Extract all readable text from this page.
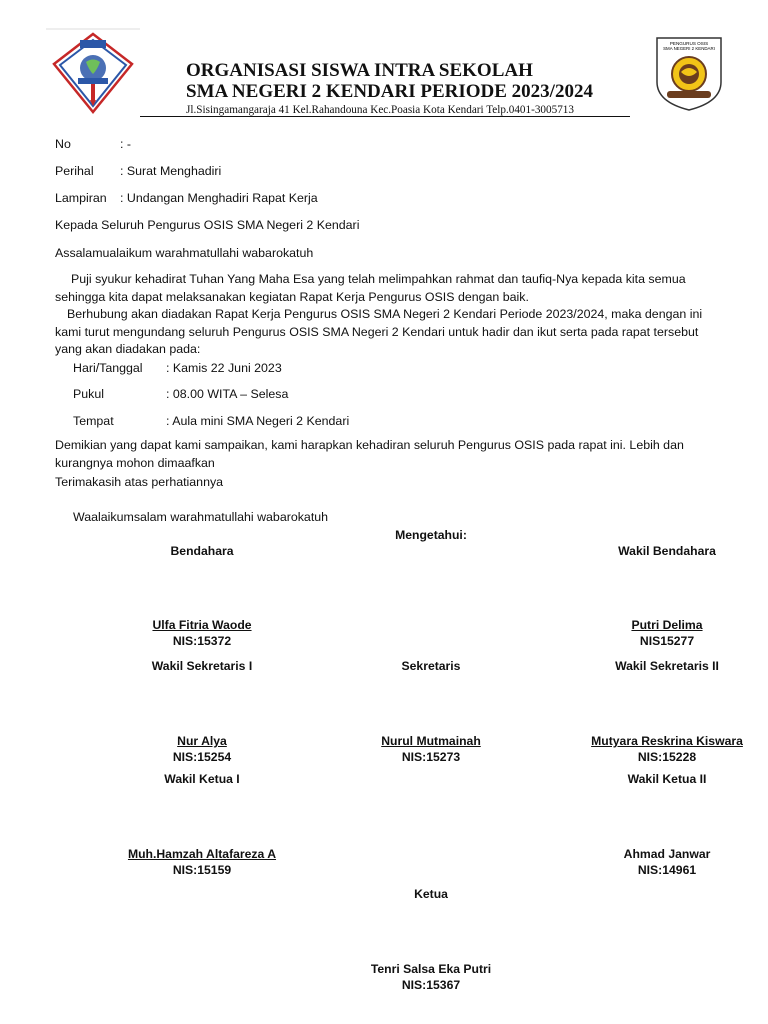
PENGURUS OSIS
SMA NEGERI 2 KENDARI
ORGANISASI SISWA INTRA SEKOLAH
SMA NEGERI 2 KENDARI PERIODE 2023/2024
Jl.Sisingamangaraja 41 Kel.Rahandouna Kec.Poasia Kota Kendari Telp.0401-3005713
No	: -
Perihal : Surat Menghadiri
Lampiran : Undangan Menghadiri Rapat Kerja
Kepada Seluruh Pengurus OSIS SMA Negeri 2 Kendari
Assalamualaikum warahmatullahi wabarokatuh
Puji syukur kehadirat Tuhan Yang Maha Esa yang telah melimpahkan rahmat dan taufiq-Nya kepada kita semua sehingga kita dapat melaksanakan kegiatan Rapat Kerja Pengurus OSIS dengan baik.
Berhubung akan diadakan Rapat Kerja Pengurus OSIS SMA Negeri 2 Kendari Periode 2023/2024, maka dengan ini kami turut mengundang seluruh Pengurus OSIS SMA Negeri 2 Kendari untuk hadir dan ikut serta pada rapat tersebut yang akan diadakan pada:
Hari/Tanggal : Kamis 22 Juni 2023
Pukul	: 08.00 WITA – Selesa
Tempat	: Aula mini SMA Negeri 2 Kendari
Demikian yang dapat kami sampaikan, kami harapkan kehadiran seluruh Pengurus OSIS pada rapat ini. Lebih dan kurangnya mohon dimaafkan
Terimakasih atas perhatiannya
Waalaikumsalam warahmatullahi wabarokatuh
Mengetahui:
Bendahara
Ulfa Fitria Waode
NIS:15372
Wakil Bendahara
Putri Delima
NIS15277
Wakil Sekretaris I
Nur Alya
NIS:15254
Sekretaris
Nurul Mutmainah
NIS:15273
Wakil Sekretaris II
Mutyara Reskrina Kiswara
NIS:15228
Wakil Ketua I
Muh.Hamzah Altafareza A
NIS:15159
Wakil Ketua II
Ahmad Janwar
NIS:14961
Ketua
Tenri Salsa Eka Putri
NIS:15367
